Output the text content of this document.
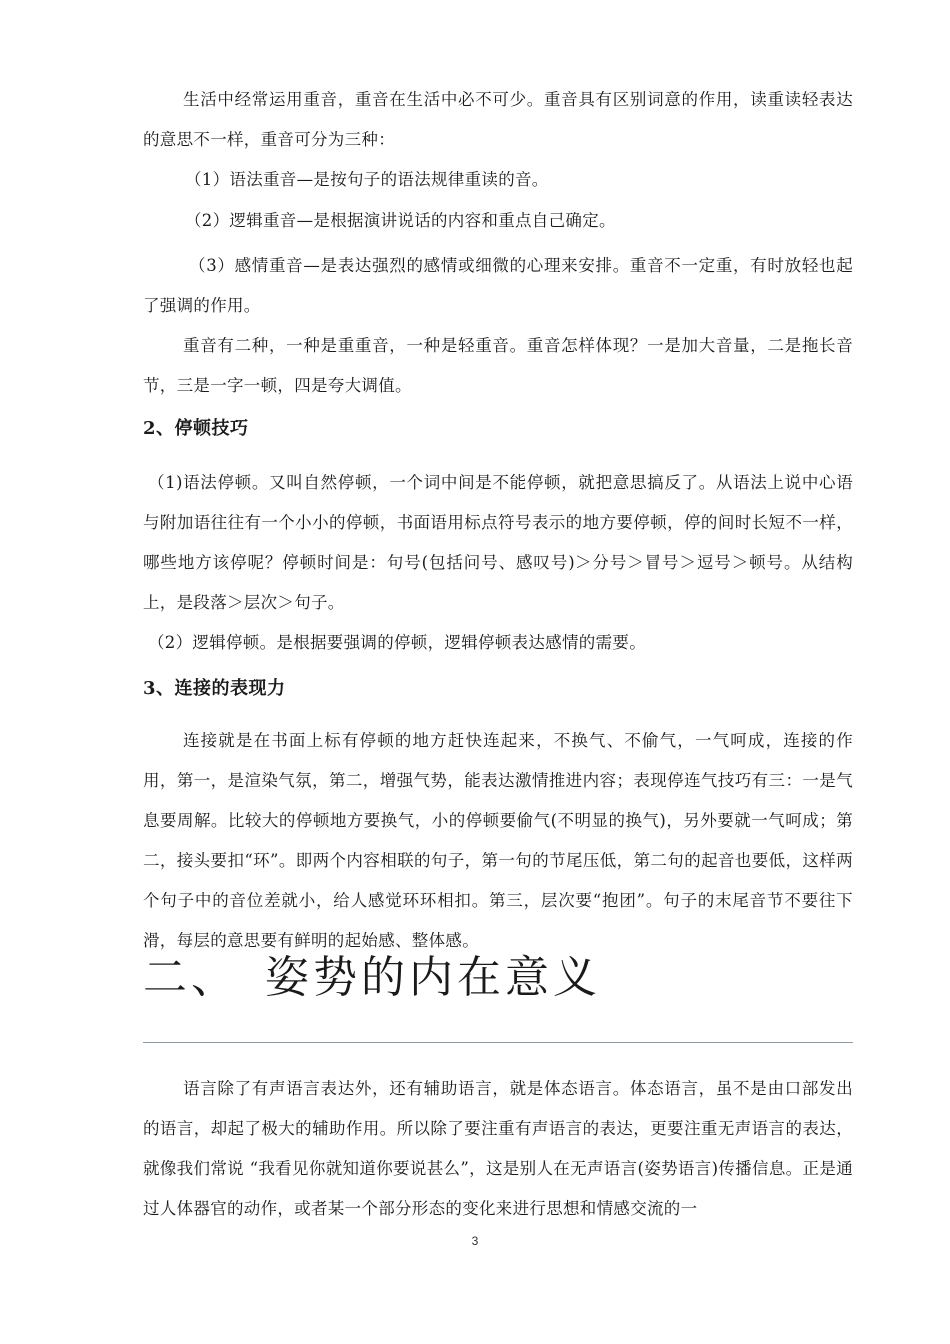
生活中经常运用重音，重音在生活中必不可少。重音具有区别词意的作用，读重读轻表达的意思不一样，重音可分为三种：

（1）语法重音—是按句子的语法规律重读的音。

（2）逻辑重音—是根据演讲说话的内容和重点自己确定。

（3）感情重音—是表达强烈的感情或细微的心理来安排。重音不一定重，有时放轻也起了强调的作用。

重音有二种，一种是重重音，一种是轻重音。重音怎样体现？一是加大音量，二是拖长音节，三是一字一顿，四是夸大调值。

2、停顿技巧

（1)语法停顿。又叫自然停顿，一个词中间是不能停顿，就把意思搞反了。从语法上说中心语与附加语往往有一个小小的停顿，书面语用标点符号表示的地方要停顿，停的间时长短不一样，哪些地方该停呢？停顿时间是：句号(包括问号、感叹号)＞分号＞冒号＞逗号＞顿号。从结构上，是段落＞层次＞句子。

（2）逻辑停顿。是根据要强调的停顿，逻辑停顿表达感情的需要。

3、连接的表现力

连接就是在书面上标有停顿的地方赶快连起来，不换气、不偷气，一气呵成，连接的作用，第一，是渲染气氛，第二，增强气势，能表达激情推进内容；表现停连气技巧有三：一是气息要周解。比较大的停顿地方要换气，小的停顿要偷气(不明显的换气)，另外要就一气呵成；第二，接头要扣“环”。即两个内容相联的句子，第一句的节尾压低，第二句的起音也要低，这样两个句子中的音位差就小，给人感觉环环相扣。第三，层次要“抱团”。句子的末尾音节不要往下滑，每层的意思要有鲜明的起始感、整体感。

二、 姿势的内在意义

语言除了有声语言表达外，还有辅助语言，就是体态语言。体态语言，虽不是由口部发出的语言，却起了极大的辅助作用。所以除了要注重有声语言的表达，更要注重无声语言的表达，就像我们常说 “我看见你就知道你要说甚么”，这是别人在无声语言(姿势语言)传播信息。正是通过人体器官的动作，或者某一个部分形态的变化来进行思想和情感交流的一

3
